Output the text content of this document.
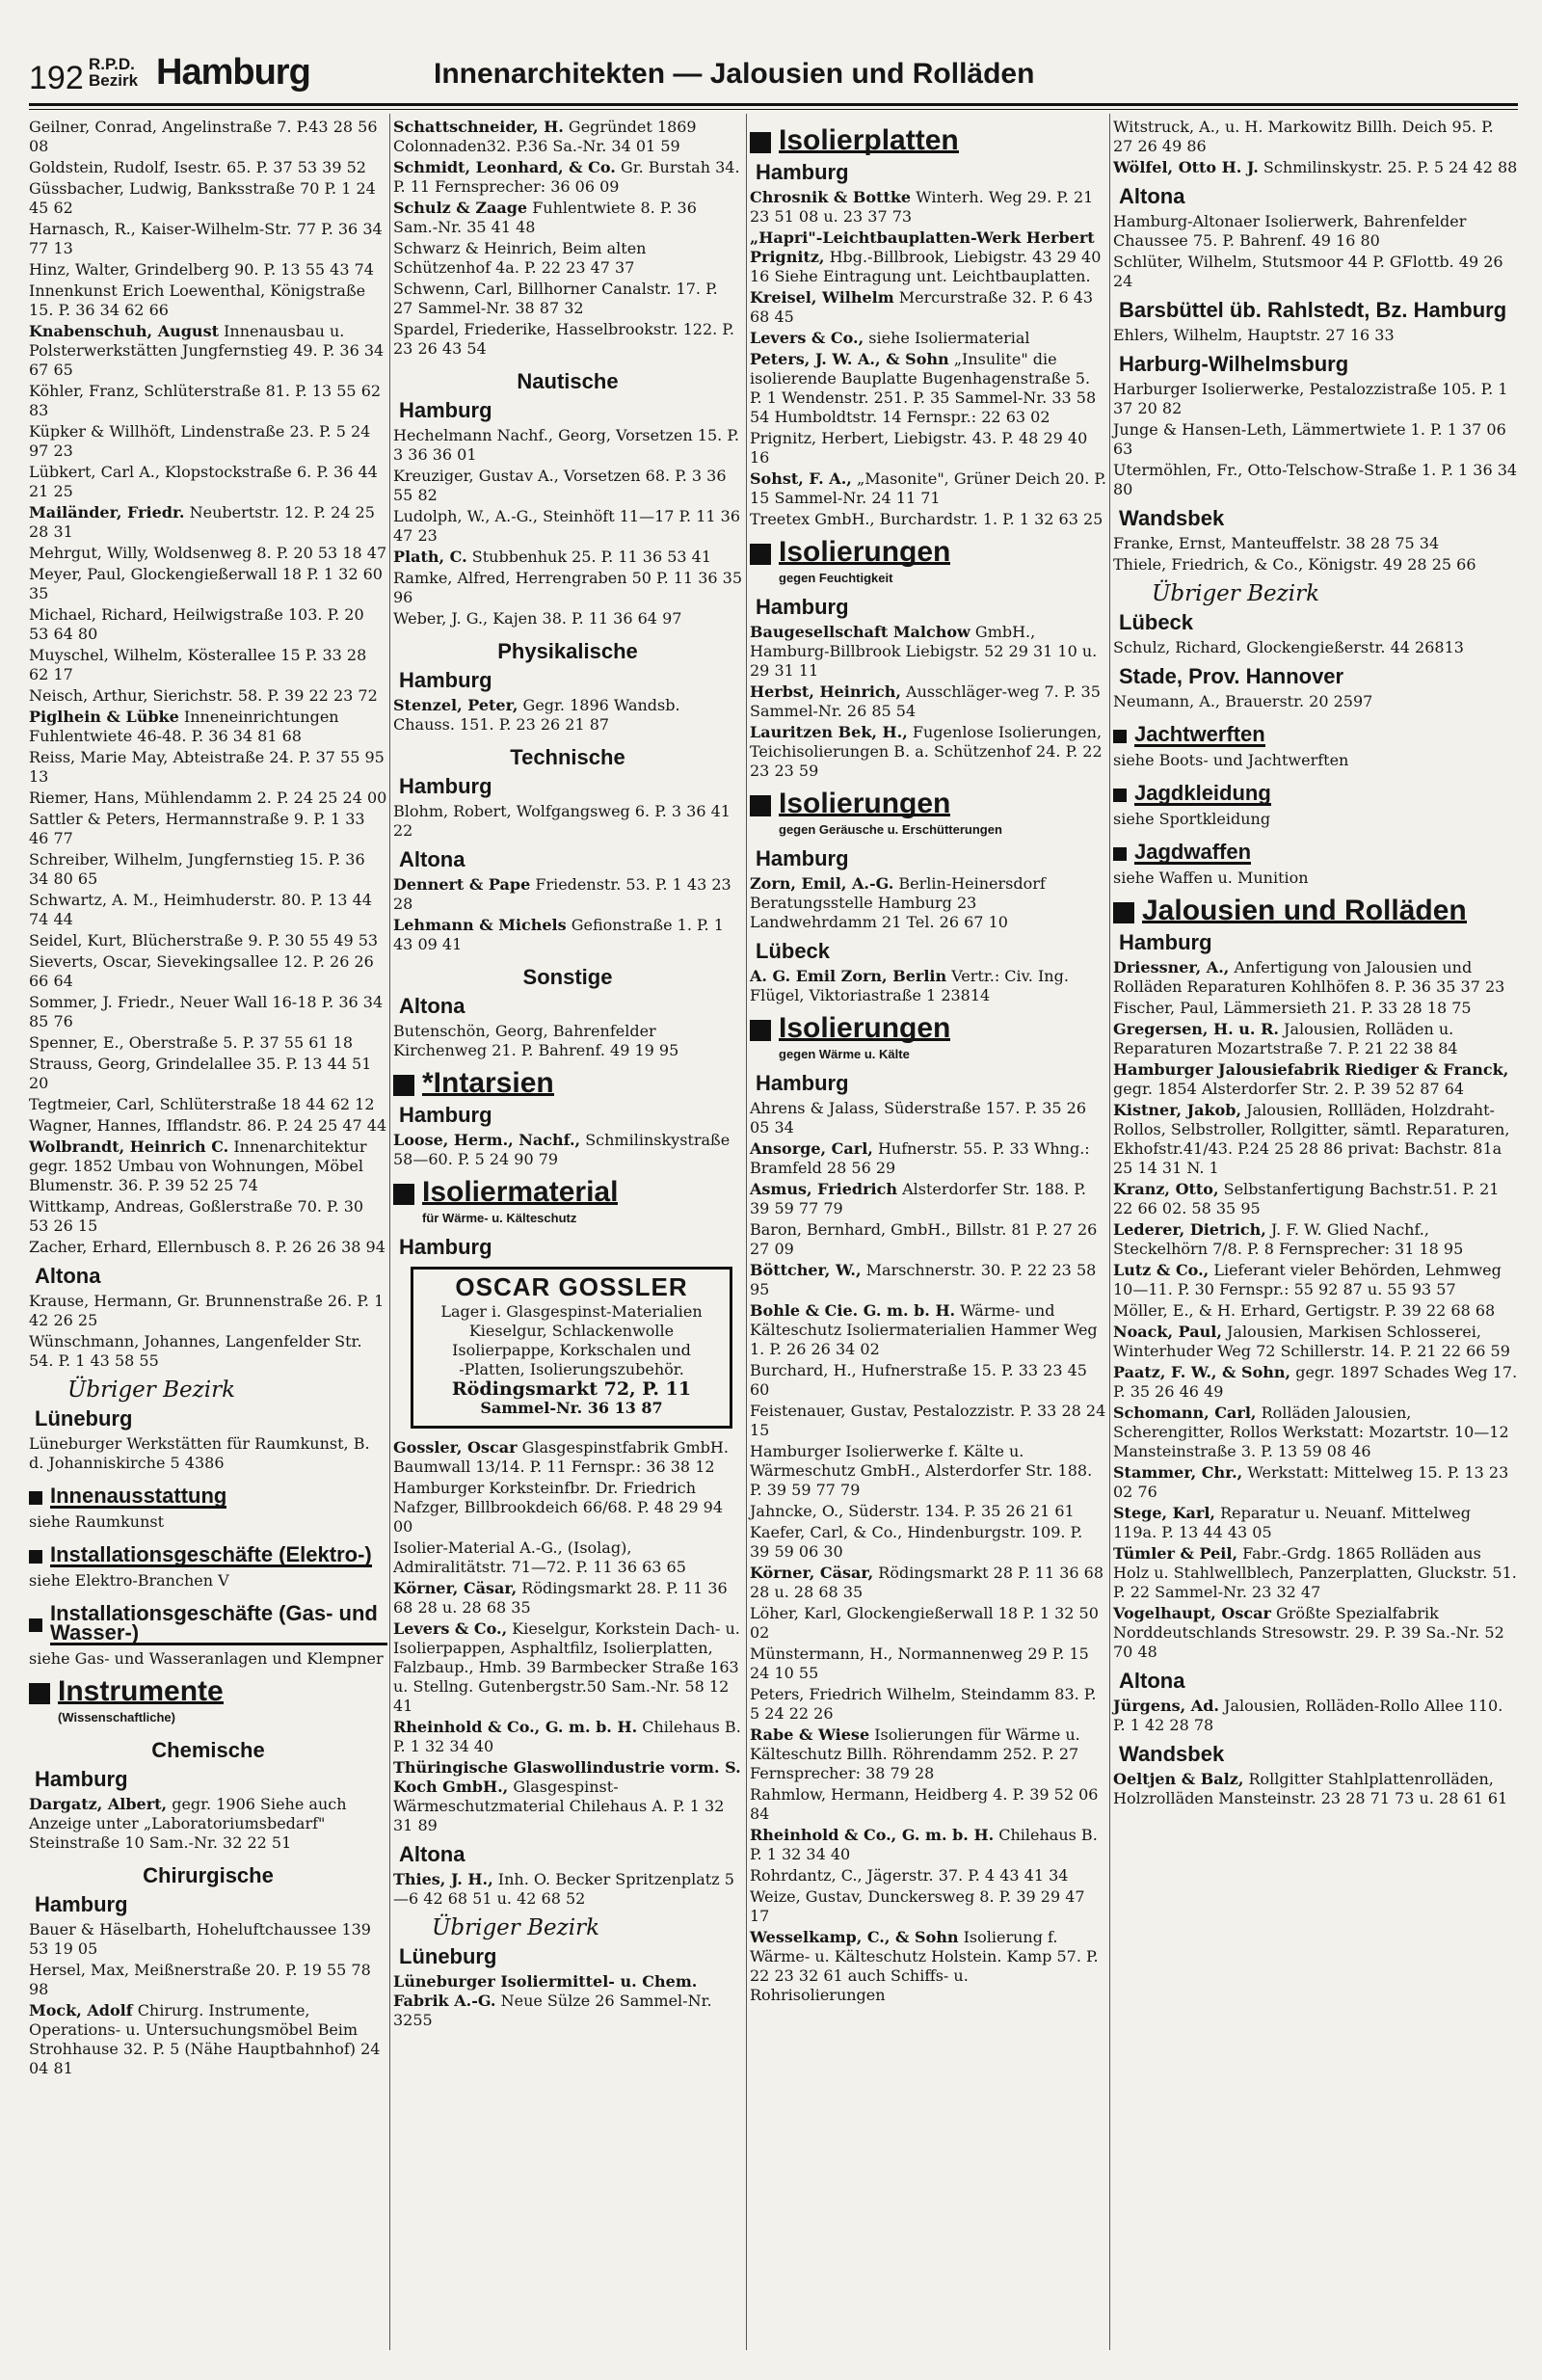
192 R.P.D.
Bezirk Hamburg	Innenarchitekten — Jalousien und Rolläden
Geilner, Conrad, Angelinstraße 7. P.43 28 56 08
Goldstein, Rudolf, Isestr. 65. P. 37 53 39 52
Güssbacher, Ludwig, Banksstraße 70 P. 1 24 45 62
Harnasch, R., Kaiser-Wilhelm-Str. 77 P. 36 34 77 13
Hinz, Walter, Grindelberg 90. P. 13 55 43 74
Innenkunst Erich Loewenthal, Königstraße 15. P. 36 34 62 66
Knabenschuh, August Innenausbau u. Polsterwerkstätten Jungfernstieg 49. P. 36 34 67 65
Köhler, Franz, Schlüterstraße 81. P. 13 55 62 83
Küpker & Willhöft, Lindenstraße 23. P. 5 24 97 23
Lübkert, Carl A., Klopstockstraße 6. P. 36 44 21 25
Mailänder, Friedr. Neubertstr. 12. P. 24 25 28 31
Mehrgut, Willy, Woldsenweg 8. P. 20 53 18 47
Meyer, Paul, Glockengießerwall 18 P. 1 32 60 35
Michael, Richard, Heilwigstraße 103. P. 20 53 64 80
Muyschel, Wilhelm, Kösterallee 15 P. 33 28 62 17
Neisch, Arthur, Sierichstr. 58. P. 39 22 23 72
Piglhein & Lübke Inneneinrichtungen Fuhlentwiete 46-48. P. 36 34 81 68
Reiss, Marie May, Abteistraße 24. P. 37 55 95 13
Riemer, Hans, Mühlendamm 2. P. 24 25 24 00
Sattler & Peters, Hermannstraße 9. P. 1 33 46 77
Schreiber, Wilhelm, Jungfernstieg 15. P. 36 34 80 65
Schwartz, A. M., Heimhuderstr. 80. P. 13 44 74 44
Seidel, Kurt, Blücherstraße 9. P. 30 55 49 53
Sieverts, Oscar, Sievekingsallee 12. P. 26 26 66 64
Sommer, J. Friedr., Neuer Wall 16-18 P. 36 34 85 76
Spenner, E., Oberstraße 5. P. 37 55 61 18
Strauss, Georg, Grindelallee 35. P. 13 44 51 20
Tegtmeier, Carl, Schlüterstraße 18 44 62 12
Wagner, Hannes, Ifflandstr. 86. P. 24 25 47 44
Wolbrandt, Heinrich C. Innenarchitektur gegr. 1852 Umbau von Wohnungen, Möbel Blumenstr. 36. P. 39 52 25 74
Wittkamp, Andreas, Goßlerstraße 70. P. 30 53 26 15
Zacher, Erhard, Ellernbusch 8. P. 26 26 38 94
Altona
Krause, Hermann, Gr. Brunnenstraße 26. P. 1 42 26 25
Wünschmann, Johannes, Langenfelder Str. 54. P. 1 43 58 55
Übriger Bezirk
Lüneburg
Lüneburger Werkstätten für Raumkunst, B. d. Johanniskirche 5 4386
Innenausstattung
siehe Raumkunst
Installationsgeschäfte (Elektro-)
siehe Elektro-Branchen V
Installationsgeschäfte (Gas- und Wasser-)
siehe Gas- und Wasseranlagen und Klempner
Instrumente
(Wissenschaftliche)
Chemische
Hamburg
Dargatz, Albert, gegr. 1906 Siehe auch Anzeige unter „Laboratoriumsbedarf" Steinstraße 10 Sam.-Nr. 32 22 51
Chirurgische
Hamburg
Bauer & Häselbarth, Hoheluftchaussee 139 53 19 05
Hersel, Max, Meißnerstraße 20. P. 19 55 78 98
Mock, Adolf Chirurg. Instrumente, Operations- u. Untersuchungsmöbel Beim Strohhause 32. P. 5 (Nähe Hauptbahnhof) 24 04 81
Schattschneider, H. Gegründet 1869 Colonnaden32. P.36 Sa.-Nr. 34 01 59
Schmidt, Leonhard, & Co. Gr. Burstah 34. P. 11 Fernsprecher: 36 06 09
Schulz & Zaage Fuhlentwiete 8. P. 36 Sam.-Nr. 35 41 48
Schwarz & Heinrich, Beim alten Schützenhof 4a. P. 22 23 47 37
Schwenn, Carl, Billhorner Canalstr. 17. P. 27 Sammel-Nr. 38 87 32
Spardel, Friederike, Hasselbrookstr. 122. P. 23 26 43 54
Nautische
Hamburg
Hechelmann Nachf., Georg, Vorsetzen 15. P. 3 36 36 01
Kreuziger, Gustav A., Vorsetzen 68. P. 3 36 55 82
Ludolph, W., A.-G., Steinhöft 11—17 P. 11 36 47 23
Plath, C. Stubbenhuk 25. P. 11 36 53 41
Ramke, Alfred, Herrengraben 50 P. 11 36 35 96
Weber, J. G., Kajen 38. P. 11 36 64 97
Physikalische
Hamburg
Stenzel, Peter, Gegr. 1896 Wandsb. Chauss. 151. P. 23 26 21 87
Technische
Hamburg
Blohm, Robert, Wolfgangsweg 6. P. 3 36 41 22
Altona
Dennert & Pape Friedenstr. 53. P. 1 43 23 28
Lehmann & Michels Gefionstraße 1. P. 1 43 09 41
Sonstige
Altona
Butenschön, Georg, Bahrenfelder Kirchenweg 21. P. Bahrenf. 49 19 95
*Intarsien
Hamburg
Loose, Herm., Nachf., Schmilinskystraße 58—60. P. 5 24 90 79
Isoliermaterial
für Wärme- u. Kälteschutz
Hamburg
OSCAR GOSSLER
Lager i. Glasgespinst-Materialien
Kieselgur, Schlackenwolle
Isolierpappe, Korkschalen und
-Platten, Isolierungszubehör.
Rödingsmarkt 72, P. 11
Sammel-Nr. 36 13 87
Gossler, Oscar Glasgespinstfabrik GmbH. Baumwall 13/14. P. 11 Fernspr.: 36 38 12
Hamburger Korksteinfbr. Dr. Friedrich Nafzger, Billbrookdeich 66/68. P. 48 29 94 00
Isolier-Material A.-G., (Isolag), Admiralitätstr. 71—72. P. 11 36 63 65
Körner, Cäsar, Rödingsmarkt 28. P. 11 36 68 28 u. 28 68 35
Levers & Co., Kieselgur, Korkstein Dach- u. Isolierpappen, Asphaltfilz, Isolierplatten, Falzbaup., Hmb. 39 Barmbecker Straße 163 u. Stellng. Gutenbergstr.50 Sam.-Nr. 58 12 41
Rheinhold & Co., G. m. b. H. Chilehaus B. P. 1 32 34 40
Thüringische Glaswollindustrie vorm. S. Koch GmbH., Glasgespinst-Wärmeschutzmaterial Chilehaus A. P. 1 32 31 89
Altona
Thies, J. H., Inh. O. Becker Spritzenplatz 5—6 42 68 51 u. 42 68 52
Übriger Bezirk
Lüneburg
Lüneburger Isoliermittel- u. Chem. Fabrik A.-G. Neue Sülze 26 Sammel-Nr. 3255
Isolierplatten
Hamburg
Chrosnik & Bottke Winterh. Weg 29. P. 21 23 51 08 u. 23 37 73
„Hapri"-Leichtbauplatten-Werk Herbert Prignitz, Hbg.-Billbrook, Liebigstr. 43 29 40 16 Siehe Eintragung unt. Leichtbauplatten.
Kreisel, Wilhelm Mercurstraße 32. P. 6 43 68 45
Levers & Co., siehe Isoliermaterial
Peters, J. W. A., & Sohn „Insulite" die isolierende Bauplatte Bugenhagenstraße 5. P. 1 Wendenstr. 251. P. 35 Sammel-Nr. 33 58 54 Humboldtstr. 14 Fernspr.: 22 63 02
Prignitz, Herbert, Liebigstr. 43. P. 48 29 40 16
Sohst, F. A., „Masonite", Grüner Deich 20. P. 15 Sammel-Nr. 24 11 71
Treetex GmbH., Burchardstr. 1. P. 1 32 63 25
Isolierungen
gegen Feuchtigkeit
Hamburg
Baugesellschaft Malchow GmbH., Hamburg-Billbrook Liebigstr. 52 29 31 10 u. 29 31 11
Herbst, Heinrich, Ausschläger-weg 7. P. 35 Sammel-Nr. 26 85 54
Lauritzen Bek, H., Fugenlose Isolierungen, Teichisolierungen B. a. Schützenhof 24. P. 22 23 23 59
Isolierungen
gegen Geräusche u. Erschütterungen
Hamburg
Zorn, Emil, A.-G. Berlin-Heinersdorf Beratungsstelle Hamburg 23 Landwehrdamm 21 Tel. 26 67 10
Lübeck
A. G. Emil Zorn, Berlin Vertr.: Civ. Ing. Flügel, Viktoriastraße 1 23814
Isolierungen
gegen Wärme u. Kälte
Hamburg
Ahrens & Jalass, Süderstraße 157. P. 35 26 05 34
Ansorge, Carl, Hufnerstr. 55. P. 33 Whng.: Bramfeld 28 56 29
Asmus, Friedrich Alsterdorfer Str. 188. P. 39 59 77 79
Baron, Bernhard, GmbH., Billstr. 81 P. 27 26 27 09
Böttcher, W., Marschnerstr. 30. P. 22 23 58 95
Bohle & Cie. G. m. b. H. Wärme- und Kälteschutz Isoliermaterialien Hammer Weg 1. P. 26 26 34 02
Burchard, H., Hufnerstraße 15. P. 33 23 45 60
Feistenauer, Gustav, Pestalozzistr. P. 33 28 24 15
Hamburger Isolierwerke f. Kälte u. Wärmeschutz GmbH., Alsterdorfer Str. 188. P. 39 59 77 79
Jahncke, O., Süderstr. 134. P. 35 26 21 61
Kaefer, Carl, & Co., Hindenburgstr. 109. P. 39 59 06 30
Körner, Cäsar, Rödingsmarkt 28 P. 11 36 68 28 u. 28 68 35
Löher, Karl, Glockengießerwall 18 P. 1 32 50 02
Münstermann, H., Normannenweg 29 P. 15 24 10 55
Peters, Friedrich Wilhelm, Steindamm 83. P. 5 24 22 26
Rabe & Wiese Isolierungen für Wärme u. Kälteschutz Billh. Röhrendamm 252. P. 27 Fernsprecher: 38 79 28
Rahmlow, Hermann, Heidberg 4. P. 39 52 06 84
Rheinhold & Co., G. m. b. H. Chilehaus B. P. 1 32 34 40
Rohrdantz, C., Jägerstr. 37. P. 4 43 41 34
Weize, Gustav, Dunckersweg 8. P. 39 29 47 17
Wesselkamp, C., & Sohn Isolierung f. Wärme- u. Kälteschutz Holstein. Kamp 57. P. 22 23 32 61 auch Schiffs- u. Rohrisolierungen
Witstruck, A., u. H. Markowitz Billh. Deich 95. P. 27 26 49 86
Wölfel, Otto H. J. Schmilinskystr. 25. P. 5 24 42 88
Altona
Hamburg-Altonaer Isolierwerk, Bahrenfelder Chaussee 75. P. Bahrenf. 49 16 80
Schlüter, Wilhelm, Stutsmoor 44 P. GFlottb. 49 26 24
Barsbüttel üb. Rahlstedt, Bz. Hamburg
Ehlers, Wilhelm, Hauptstr. 27 16 33
Harburg-Wilhelmsburg
Harburger Isolierwerke, Pestalozzistraße 105. P. 1 37 20 82
Junge & Hansen-Leth, Lämmertwiete 1. P. 1 37 06 63
Utermöhlen, Fr., Otto-Telschow-Straße 1. P. 1 36 34 80
Wandsbek
Franke, Ernst, Manteuffelstr. 38 28 75 34
Thiele, Friedrich, & Co., Königstr. 49 28 25 66
Übriger Bezirk
Lübeck
Schulz, Richard, Glockengießerstr. 44 26813
Stade, Prov. Hannover
Neumann, A., Brauerstr. 20 2597
Jachtwerften
siehe Boots- und Jachtwerften
Jagdkleidung
siehe Sportkleidung
Jagdwaffen
siehe Waffen u. Munition
Jalousien und Rolläden
Hamburg
Driessner, A., Anfertigung von Jalousien und Rolläden Reparaturen Kohlhöfen 8. P. 36 35 37 23
Fischer, Paul, Lämmersieth 21. P. 33 28 18 75
Gregersen, H. u. R. Jalousien, Rolläden u. Reparaturen Mozartstraße 7. P. 21 22 38 84
Hamburger Jalousiefabrik Riediger & Franck, gegr. 1854 Alsterdorfer Str. 2. P. 39 52 87 64
Kistner, Jakob, Jalousien, Rollläden, Holzdraht-Rollos, Selbstroller, Rollgitter, sämtl. Reparaturen, Ekhofstr.41/43. P.24 25 28 86 privat: Bachstr. 81a 25 14 31 N. 1
Kranz, Otto, Selbstanfertigung Bachstr.51. P. 21 22 66 02. 58 35 95
Lederer, Dietrich, J. F. W. Glied Nachf., Steckelhörn 7/8. P. 8 Fernsprecher: 31 18 95
Lutz & Co., Lieferant vieler Behörden, Lehmweg 10—11. P. 30 Fernspr.: 55 92 87 u. 55 93 57
Möller, E., & H. Erhard, Gertigstr. P. 39 22 68 68
Noack, Paul, Jalousien, Markisen Schlosserei, Winterhuder Weg 72 Schillerstr. 14. P. 21 22 66 59
Paatz, F. W., & Sohn, gegr. 1897 Schades Weg 17. P. 35 26 46 49
Schomann, Carl, Rolläden Jalousien, Scherengitter, Rollos Werkstatt: Mozartstr. 10—12 Mansteinstraße 3. P. 13 59 08 46
Stammer, Chr., Werkstatt: Mittelweg 15. P. 13 23 02 76
Stege, Karl, Reparatur u. Neuanf. Mittelweg 119a. P. 13 44 43 05
Tümler & Peil, Fabr.-Grdg. 1865 Rolläden aus Holz u. Stahlwellblech, Panzerplatten, Gluckstr. 51. P. 22 Sammel-Nr. 23 32 47
Vogelhaupt, Oscar Größte Spezialfabrik Norddeutschlands Stresowstr. 29. P. 39 Sa.-Nr. 52 70 48
Altona
Jürgens, Ad. Jalousien, Rolläden-Rollo Allee 110. P. 1 42 28 78
Wandsbek
Oeltjen & Balz, Rollgitter Stahlplattenrolläden, Holzrolläden Mansteinstr. 23 28 71 73 u. 28 61 61
